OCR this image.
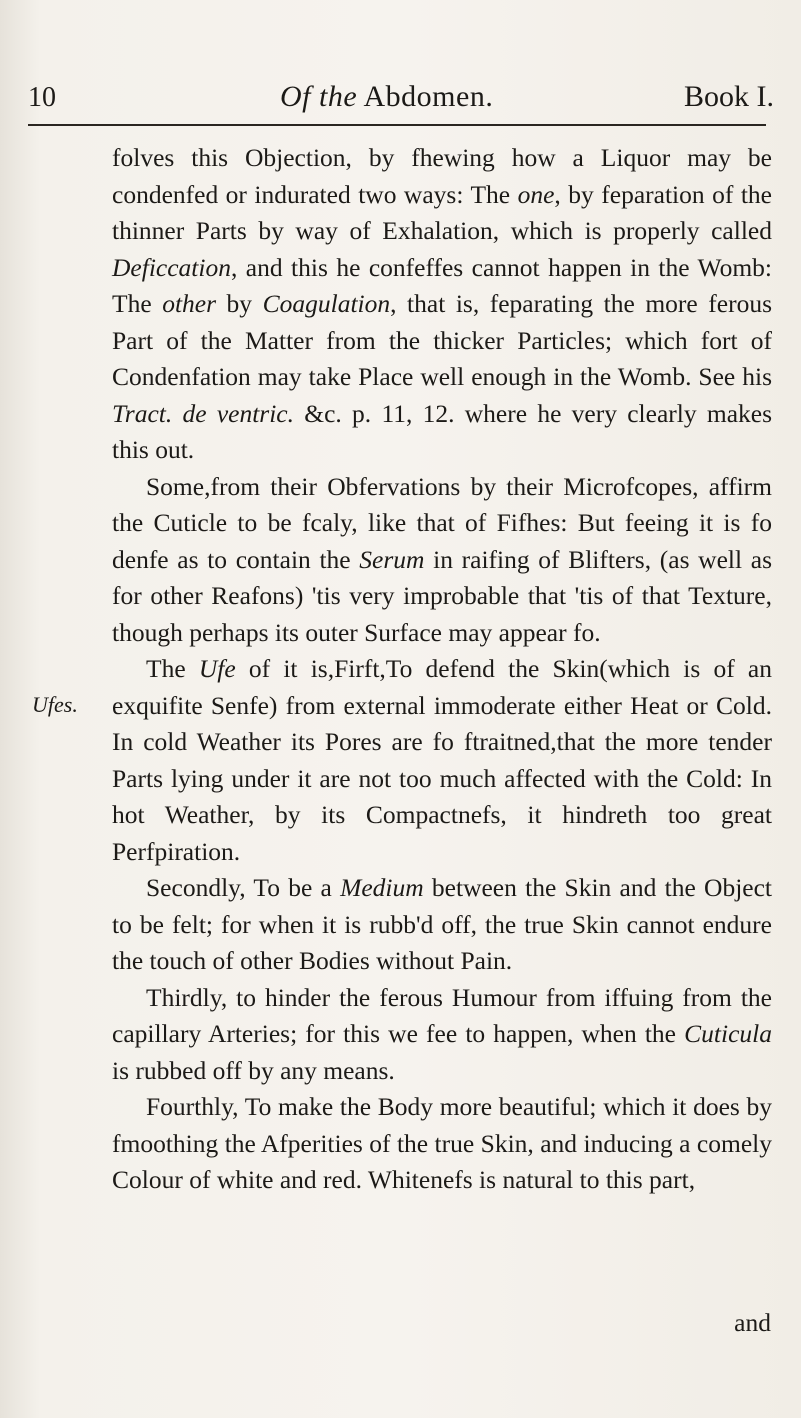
10	Of the Abdomen.	Book I.
Ufes.

folves this Objection, by fhewing how a Liquor may be condenfed or indurated two ways: The one, by feparation of the thinner Parts by way of Exhalation, which is properly called Deficcation, and this he confeffes cannot happen in the Womb: The other by Coagulation, that is, feparating the more ferous Part of the Matter from the thicker Particles; which fort of Condenfation may take Place well enough in the Womb. See his Tract. de ventric. &c. p. 11, 12. where he very clearly makes this out.

Some,from their Obfervations by their Microfcopes, affirm the Cuticle to be fcaly, like that of Fifhes: But feeing it is fo denfe as to contain the Serum in raifing of Blifters, (as well as for other Reafons) 'tis very improbable that 'tis of that Texture, though perhaps its outer Surface may appear fo.

The Ufe of it is,Firft,To defend the Skin(which is of an exquifite Senfe) from external immoderate either Heat or Cold. In cold Weather its Pores are fo ftraitned,that the more tender Parts lying under it are not too much affected with the Cold: In hot Weather, by its Compactnefs, it hindreth too great Perfpiration.

Secondly, To be a Medium between the Skin and the Object to be felt; for when it is rubb'd off, the true Skin cannot endure the touch of other Bodies without Pain.

Thirdly, to hinder the ferous Humour from iffuing from the capillary Arteries; for this we fee to happen, when the Cuticula is rubbed off by any means.

Fourthly, To make the Body more beautiful; which it does by fmoothing the Afperities of the true Skin, and inducing a comely Colour of white and red. Whitenefs is natural to this part,

and
